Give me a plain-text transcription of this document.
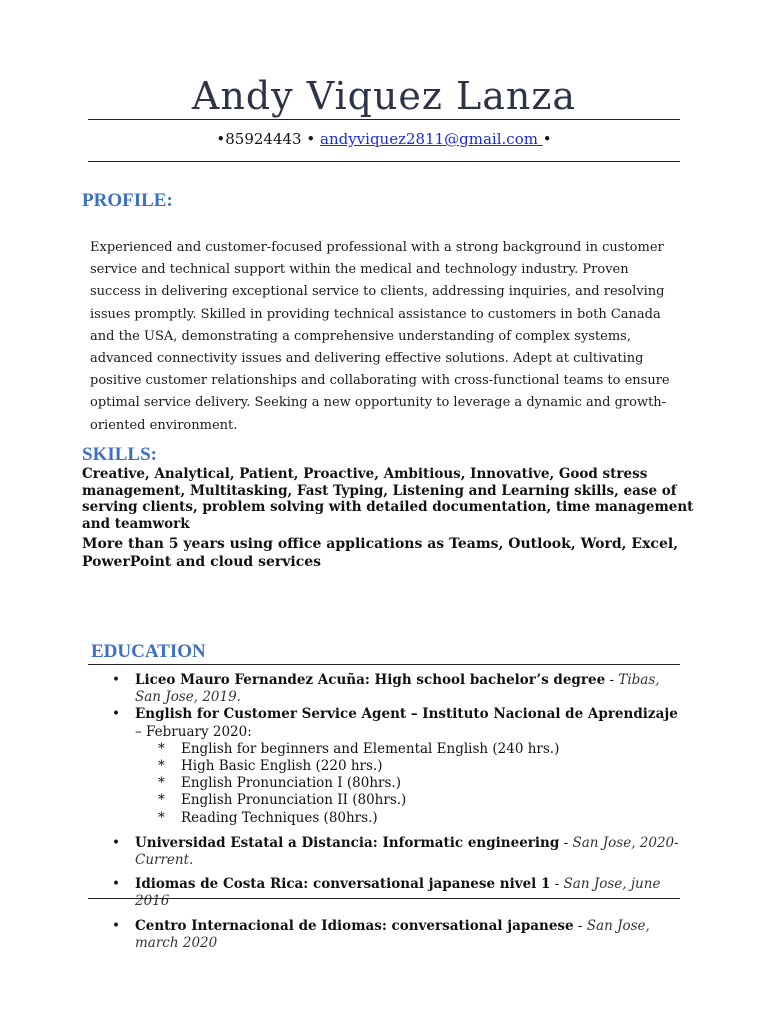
Andy Viquez Lanza
•85924443 • andyviquez2811@gmail.com •
PROFILE:
Experienced and customer-focused professional with a strong background in customer service and technical support within the medical and technology industry. Proven success in delivering exceptional service to clients, addressing inquiries, and resolving issues promptly. Skilled in providing technical assistance to customers in both Canada and the USA, demonstrating a comprehensive understanding of complex systems, advanced connectivity issues and delivering effective solutions. Adept at cultivating positive customer relationships and collaborating with cross-functional teams to ensure optimal service delivery. Seeking a new opportunity to leverage a dynamic and growth-oriented environment.
SKILLS:
Creative, Analytical, Patient, Proactive, Ambitious, Innovative, Good stress management, Multitasking, Fast Typing, Listening and Learning skills, ease of serving clients, problem solving with detailed documentation, time management and teamwork
More than 5 years using office applications as Teams, Outlook, Word, Excel, PowerPoint and cloud services
EDUCATION
• Liceo Mauro Fernandez Acuña: High school bachelor’s degree - Tibas, San Jose, 2019.
• English for Customer Service Agent – Instituto Nacional de Aprendizaje – February 2020:
* English for beginners and Elemental English (240 hrs.)
* High Basic English (220 hrs.)
* English Pronunciation I (80hrs.)
* English Pronunciation II (80hrs.)
* Reading Techniques (80hrs.)
• Universidad Estatal a Distancia: Informatic engineering - San Jose, 2020-Current.
• Idiomas de Costa Rica: conversational japanese nivel 1 - San Jose, june 2016
• Centro Internacional de Idiomas: conversational japanese - San Jose, march 2020
